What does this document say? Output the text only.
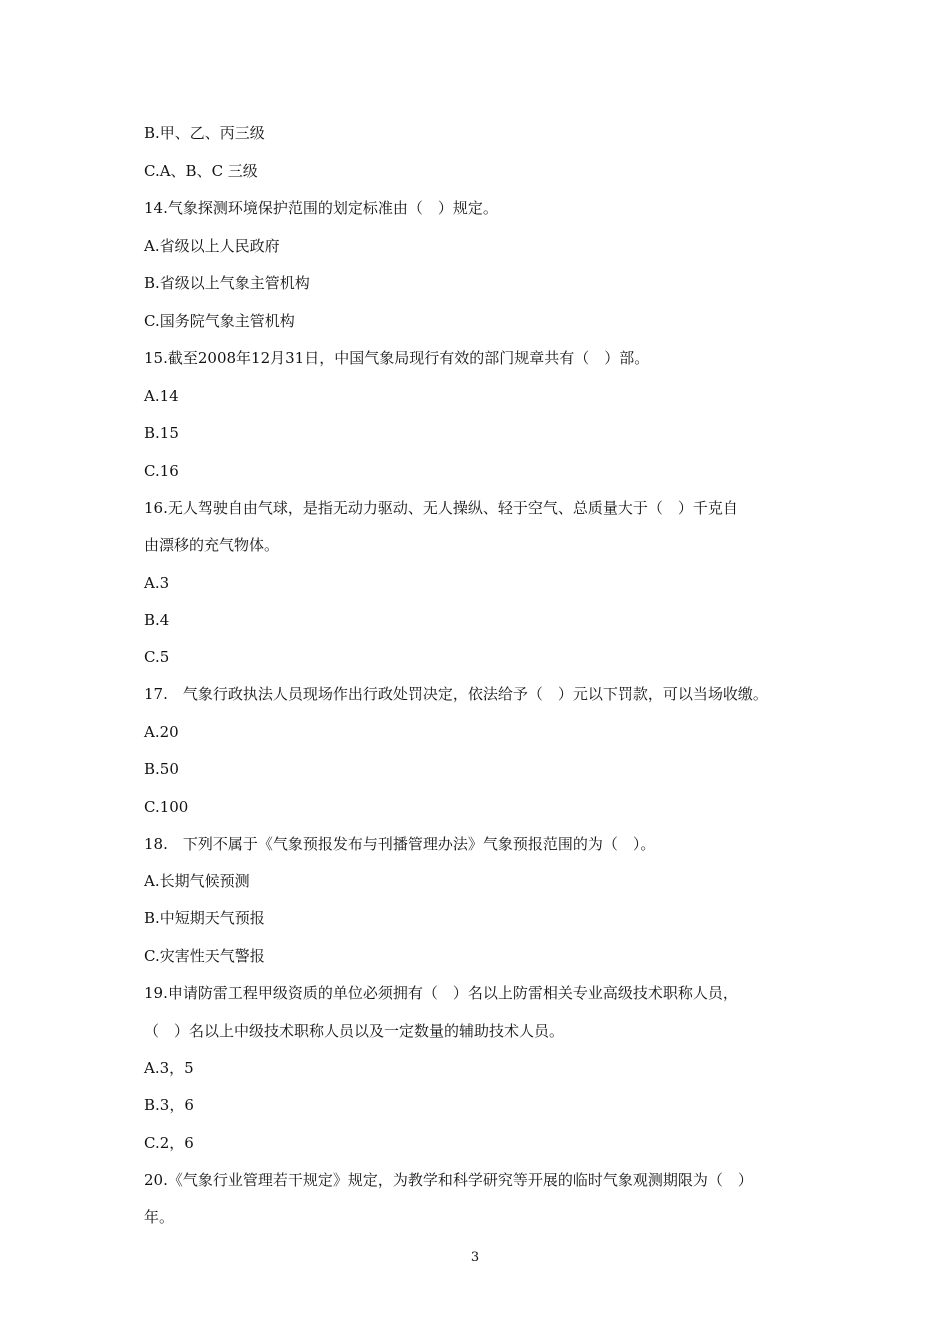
B.甲、乙、丙三级
C.A、B、C 三级
14.气象探测环境保护范围的划定标准由（　）规定。
A.省级以上人民政府
B.省级以上气象主管机构
C.国务院气象主管机构
15.截至2008年12月31日，中国气象局现行有效的部门规章共有（　）部。
A.14
B.15
C.16
16.无人驾驶自由气球，是指无动力驱动、无人操纵、轻于空气、总质量大于（　）千克自
由漂移的充气物体。
A.3
B.4
C.5
17.　气象行政执法人员现场作出行政处罚决定，依法给予（　）元以下罚款，可以当场收缴。
A.20
B.50
C.100
18.　下列不属于《气象预报发布与刊播管理办法》气象预报范围的为（　）。
A.长期气候预测
B.中短期天气预报
C.灾害性天气警报
19.申请防雷工程甲级资质的单位必须拥有（　）名以上防雷相关专业高级技术职称人员，
（　）名以上中级技术职称人员以及一定数量的辅助技术人员。
A.3，5
B.3，6
C.2，6
20.《气象行业管理若干规定》规定，为教学和科学研究等开展的临时气象观测期限为（　）
年。
3
